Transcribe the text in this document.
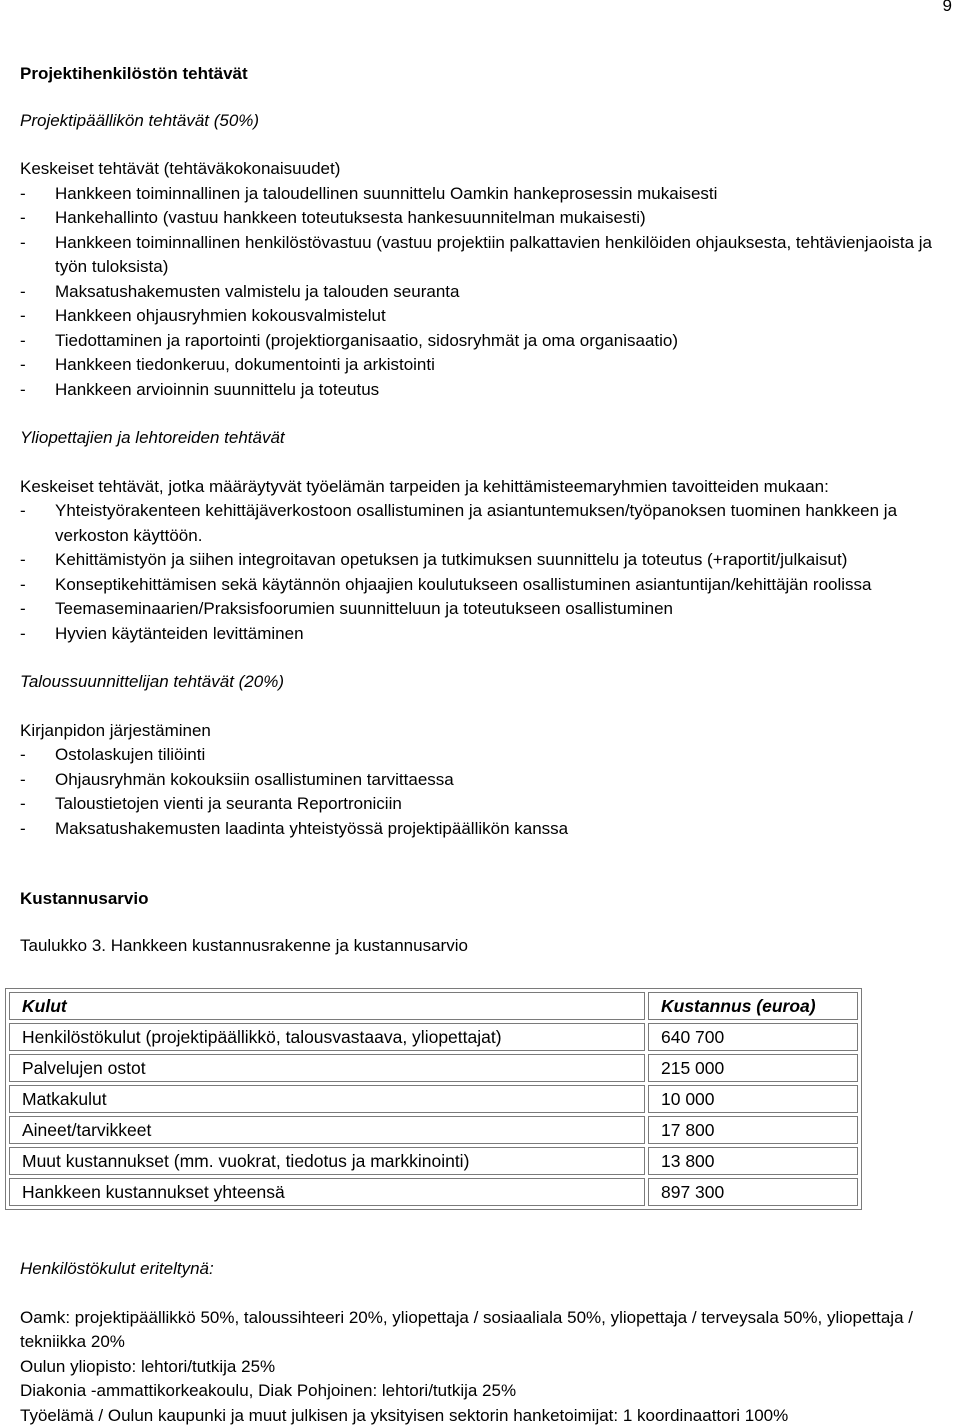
9

Projektihenkilöstön tehtävät

Projektipäällikön tehtävät (50%)

Keskeiset tehtävät (tehtäväkokonaisuudet)

- Hankkeen toiminnallinen ja taloudellinen suunnittelu Oamkin hankeprosessin mukaisesti
- Hankehallinto (vastuu hankkeen toteutuksesta hankesuunnitelman mukaisesti)
- Hankkeen toiminnallinen henkilöstövastuu (vastuu projektiin palkattavien henkilöiden ohjauksesta, tehtävienjaoista ja työn tuloksista)
- Maksatushakemusten valmistelu ja talouden seuranta
- Hankkeen ohjausryhmien kokousvalmistelut
- Tiedottaminen ja raportointi (projektiorganisaatio, sidosryhmät ja oma organisaatio)
- Hankkeen tiedonkeruu, dokumentointi ja arkistointi
- Hankkeen arvioinnin suunnittelu ja toteutus

Yliopettajien ja lehtoreiden tehtävät

Keskeiset tehtävät, jotka määräytyvät työelämän tarpeiden ja kehittämisteemaryhmien tavoitteiden mukaan:

- Yhteistyörakenteen kehittäjäverkostoon osallistuminen ja asiantuntemuksen/työpanoksen tuominen hankkeen ja verkoston käyttöön.
- Kehittämistyön ja siihen integroitavan opetuksen ja tutkimuksen suunnittelu ja toteutus (+raportit/julkaisut)
- Konseptikehittämisen sekä käytännön ohjaajien koulutukseen osallistuminen asiantuntijan/kehittäjän roolissa
- Teemaseminaarien/Praksisfoorumien suunnitteluun ja toteutukseen osallistuminen
- Hyvien käytänteiden levittäminen

Taloussuunnittelijan tehtävät (20%)

Kirjanpidon järjestäminen

- Ostolaskujen tiliöinti
- Ohjausryhmän kokouksiin osallistuminen tarvittaessa
- Taloustietojen vienti ja seuranta Reportroniciin
- Maksatushakemusten laadinta yhteistyössä projektipäällikön kanssa

Kustannusarvio

Taulukko 3. Hankkeen kustannusrakenne ja kustannusarvio

Kulut	Kustannus (euroa)
Henkilöstökulut (projektipäällikkö, talousvastaava, yliopettajat)	640 700
Palvelujen ostot	215 000
Matkakulut	10 000
Aineet/tarvikkeet	17 800
Muut kustannukset (mm. vuokrat, tiedotus ja markkinointi)	13 800
Hankkeen kustannukset yhteensä	897 300

Henkilöstökulut eriteltynä:

Oamk: projektipäällikkö 50%, taloussihteeri 20%, yliopettaja / sosiaaliala 50%, yliopettaja / terveysala 50%, yliopettaja / tekniikka 20%

Oulun yliopisto: lehtori/tutkija 25%

Diakonia -ammattikorkeakoulu, Diak Pohjoinen: lehtori/tutkija 25%

Työelämä / Oulun kaupunki ja muut julkisen ja yksityisen sektorin hanketoimijat: 1 koordinaattori 100%
